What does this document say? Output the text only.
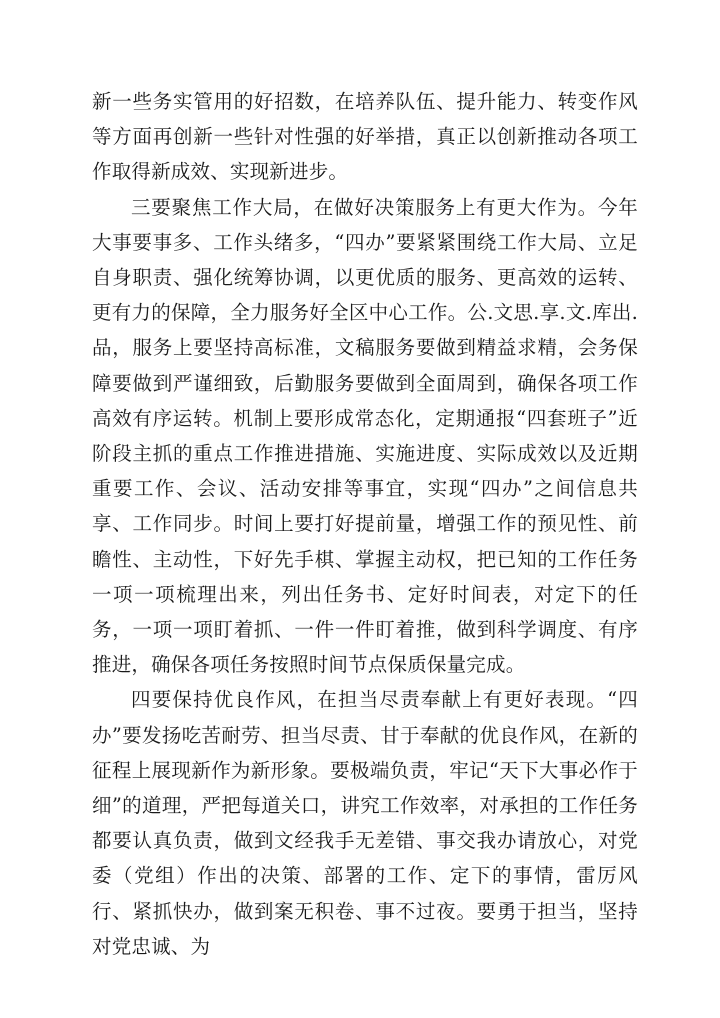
新一些务实管用的好招数，在培养队伍、提升能力、转变作风等方面再创新一些针对性强的好举措，真正以创新推动各项工作取得新成效、实现新进步。

三要聚焦工作大局，在做好决策服务上有更大作为。今年大事要事多、工作头绪多，“四办”要紧紧围绕工作大局、立足自身职责、强化统筹协调，以更优质的服务、更高效的运转、更有力的保障，全力服务好全区中心工作。公.文思.享.文.库出.品，服务上要坚持高标准，文稿服务要做到精益求精，会务保障要做到严谨细致，后勤服务要做到全面周到，确保各项工作高效有序运转。机制上要形成常态化，定期通报“四套班子”近阶段主抓的重点工作推进措施、实施进度、实际成效以及近期重要工作、会议、活动安排等事宜，实现“四办”之间信息共享、工作同步。时间上要打好提前量，增强工作的预见性、前瞻性、主动性，下好先手棋、掌握主动权，把已知的工作任务一项一项梳理出来，列出任务书、定好时间表，对定下的任务，一项一项盯着抓、一件一件盯着推，做到科学调度、有序推进，确保各项任务按照时间节点保质保量完成。

四要保持优良作风，在担当尽责奉献上有更好表现。“四办”要发扬吃苦耐劳、担当尽责、甘于奉献的优良作风，在新的征程上展现新作为新形象。要极端负责，牢记“天下大事必作于细”的道理，严把每道关口，讲究工作效率，对承担的工作任务都要认真负责，做到文经我手无差错、事交我办请放心，对党委（党组）作出的决策、部署的工作、定下的事情，雷厉风行、紧抓快办，做到案无积卷、事不过夜。要勇于担当，坚持对党忠诚、为
